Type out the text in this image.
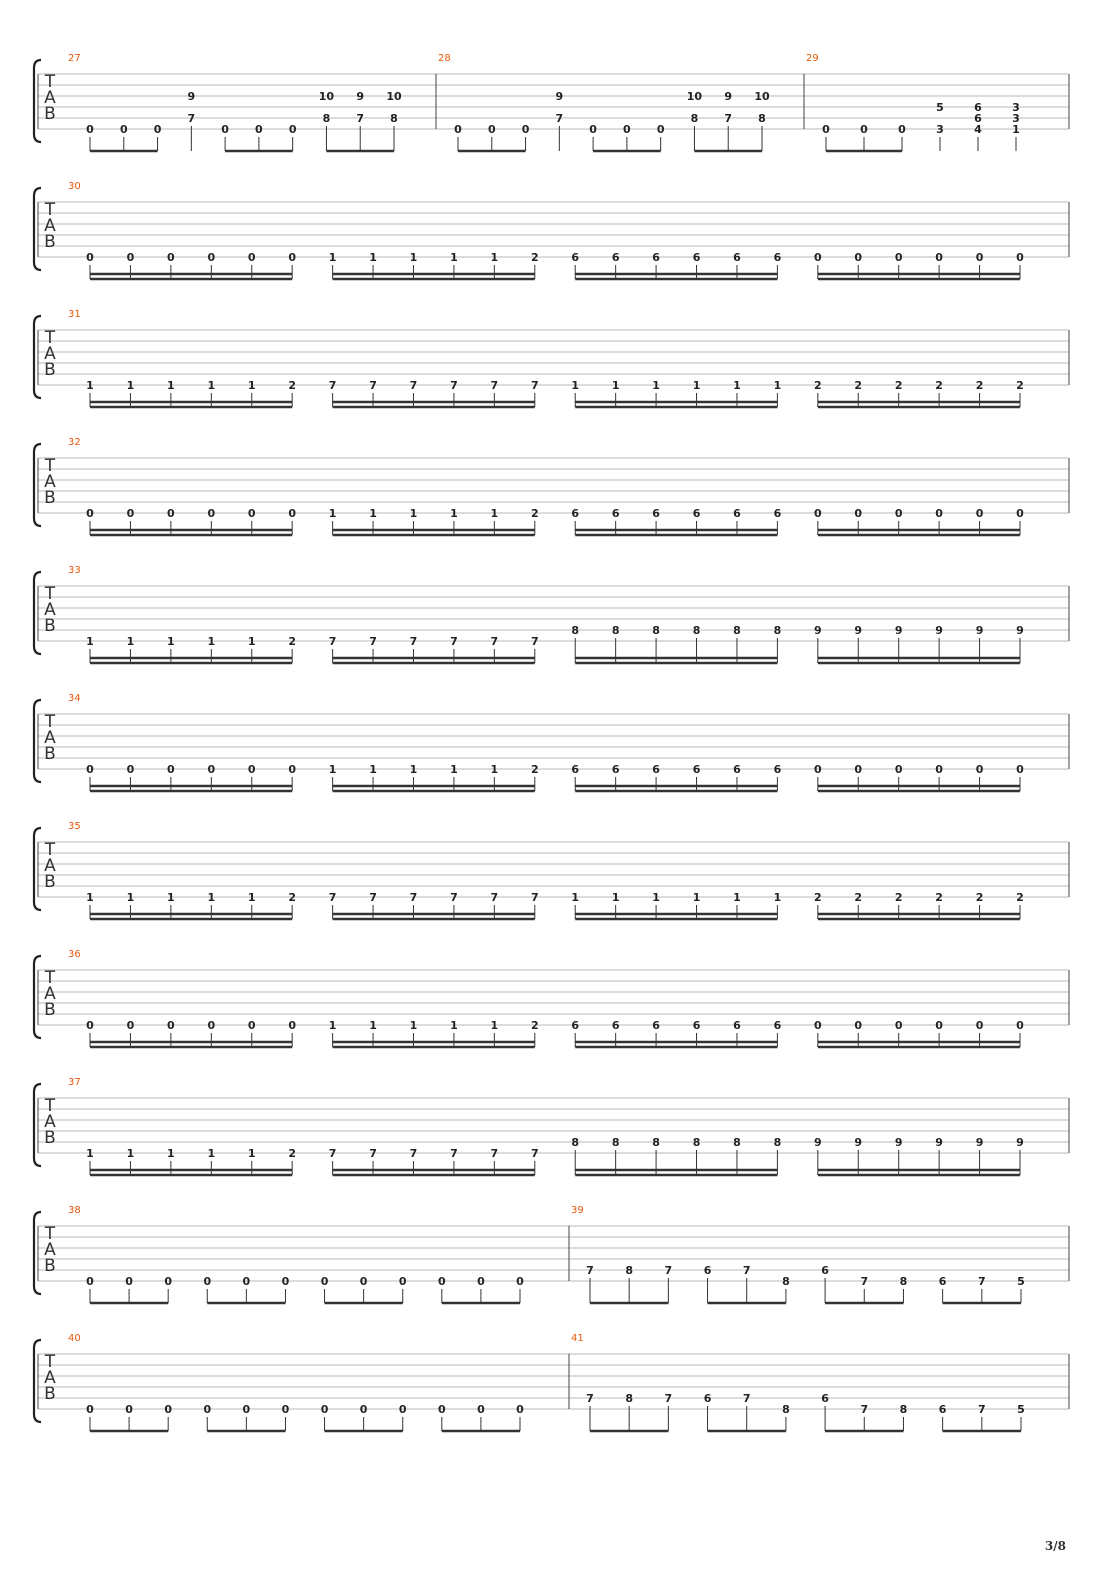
T
A
B
27
0 0 0
9
7
0 0 0
10
8
9
7
10
8
28
0 0 0
9
7
0 0 0
10
8
9
7
10
8
29
0	0	0
5
3
6
6
4
3
3
1
T
A
B
30
0	0	0	0	0	0	1	1	1	1	1	2	6	6	6	6	6	6	0	0	0	0	0	0
T
A
B
31
1	1	1	1	1	2	7	7	7	7	7	7	1	1	1	1	1	1	2	2	2	2	2	2
T
A
B
32
0	0	0	0	0	0	1	1	1	1	1	2	6	6	6	6	6	6	0	0	0	0	0	0
T
A
B
33
1	1	1	1	1	2	7	7	7	7	7	7
8	8	8	8	8	8	9	9	9	9	9	9
T
A
B
34
0	0	0	0	0	0	1	1	1	1	1	2	6	6	6	6	6	6	0	0	0	0	0	0
T
A
B
35
1	1	1	1	1	2	7	7	7	7	7	7	1	1	1	1	1	1	2	2	2	2	2	2
T
A
B
36
0	0	0	0	0	0	1	1	1	1	1	2	6	6	6	6	6	6	0	0	0	0	0	0
T
A
B
37
1	1	1	1	1	2	7	7	7	7	7	7
8	8	8	8	8	8	9	9	9	9	9	9
T
A
B
38
0	0	0	0	0	0	0	0	0	0	0	0
39
7	8	7	6	7
8
6
7	8	6	7	5
T
A
B
40
0	0	0	0	0	0	0	0	0	0	0	0
41
7	8	7	6	7
8
6
7	8	6	7	5
3/8
